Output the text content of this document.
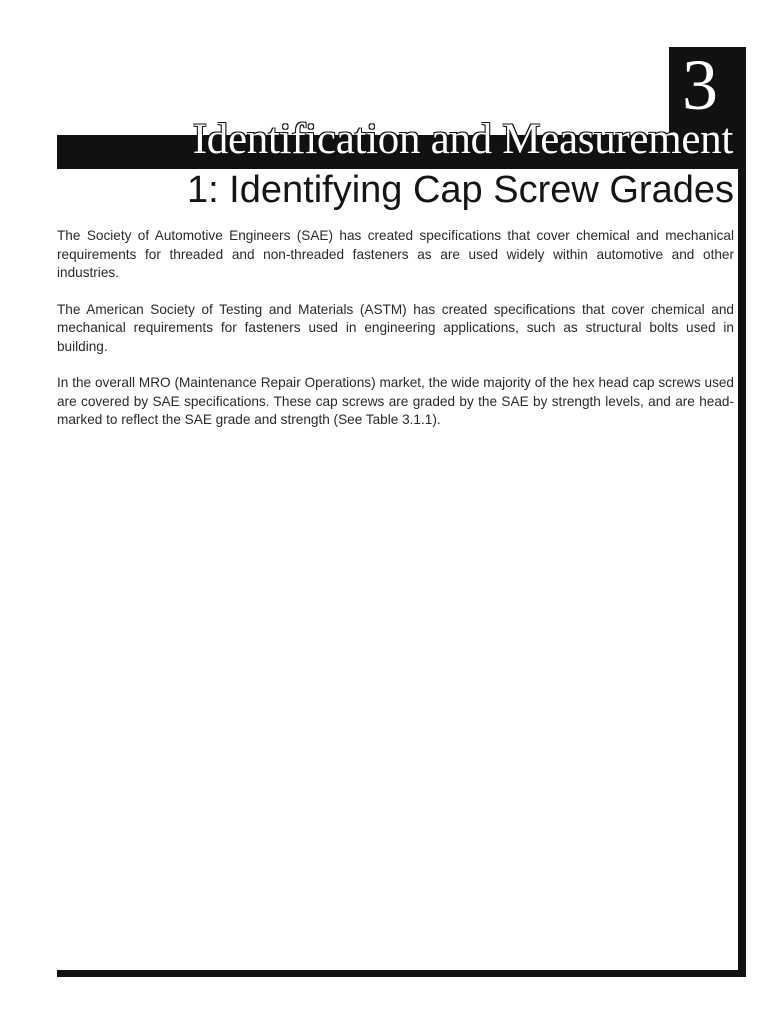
3
Identification and Measurement
1: Identifying Cap Screw Grades

The Society of Automotive Engineers (SAE) has created specifications that cover chemical and mechanical requirements for threaded and non-threaded fasteners as are used widely within automotive and other industries.

The American Society of Testing and Materials (ASTM) has created specifications that cover chemical and mechanical requirements for fasteners used in engineering applications, such as structural bolts used in building.

In the overall MRO (Maintenance Repair Operations) market, the wide majority of the hex head cap screws used are covered by SAE specifications. These cap screws are graded by the SAE by strength levels, and are head-marked to reflect the SAE grade and strength (See Table 3.1.1).
